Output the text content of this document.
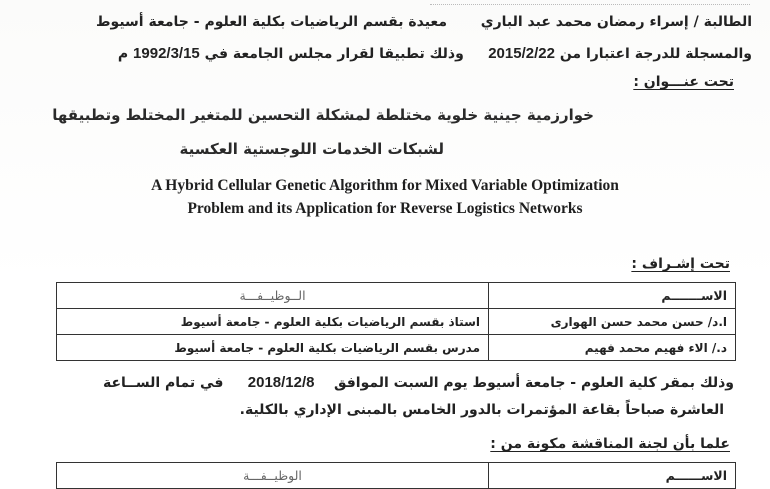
الطالبة / إسراء رمضان محمد عبد الباري
معيدة بقسم الرياضيات بكلية العلوم - جامعة أسيوط
والمسجلة للدرجة اعتبارا من 2015/2/22     وذلك تطبيقا لقرار مجلس الجامعة في 1992/3/15 م
تحت عنـــوان :
خوارزمية جينية خلوية مختلطة لمشكلة التحسين للمتغير المختلط وتطبيقها
لشبكات الخدمات اللوجستية العكسية
A Hybrid Cellular Genetic Algorithm for Mixed Variable Optimization
Problem and its Application for Reverse Logistics Networks
تحت إشـراف :
الاســـــــم	الــوظيــفـــة
ا.د/ حسن محمد حسن الهوارى	استاذ بقسم الرياضيات بكلية العلوم - جامعة أسيوط
د./ الاء فهيم محمد فهيم	مدرس بقسم الرياضيات بكلية العلوم - جامعة أسيوط
وذلك بمقر كلية العلوم - جامعة أسيوط يوم السبت الموافق    2018/12/8     في تمام الســاعة
العاشرة صباحاً بقاعة المؤتمرات بالدور الخامس بالمبنى الإداري بالكلية.
علما بأن لجنة المناقشة مكونة من :
الاســــــم	الوظيــفـــة
